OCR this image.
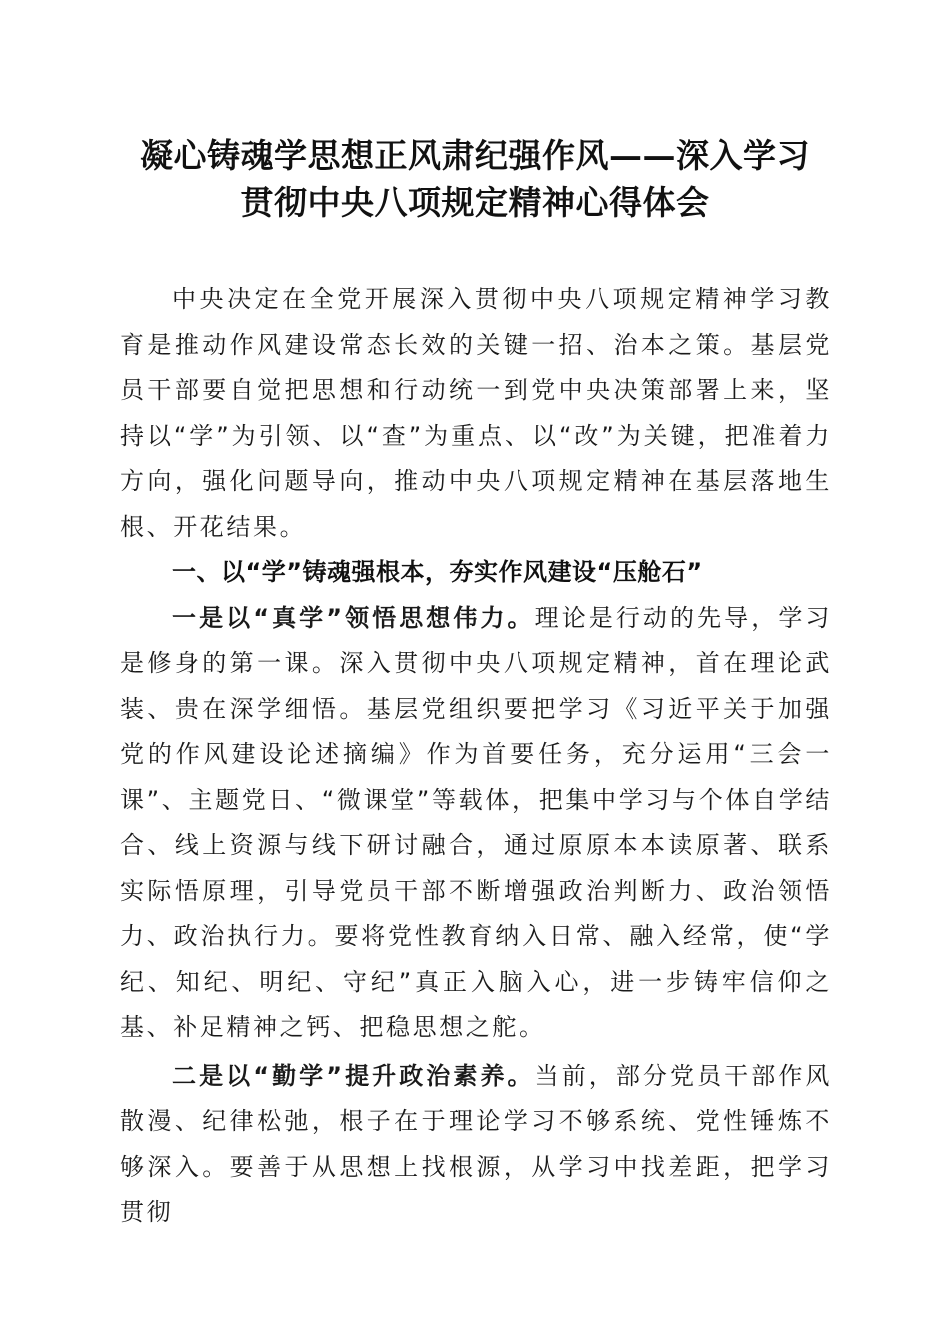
凝心铸魂学思想正风肃纪强作风——深入学习
贯彻中央八项规定精神心得体会

中央决定在全党开展深入贯彻中央八项规定精神学习教育是推动作风建设常态长效的关键一招、治本之策。基层党员干部要自觉把思想和行动统一到党中央决策部署上来，坚持以“学”为引领、以“查”为重点、以“改”为关键，把准着力方向，强化问题导向，推动中央八项规定精神在基层落地生根、开花结果。

一、以“学”铸魂强根本，夯实作风建设“压舱石”

一是以“真学”领悟思想伟力。理论是行动的先导，学习是修身的第一课。深入贯彻中央八项规定精神，首在理论武装、贵在深学细悟。基层党组织要把学习《习近平关于加强党的作风建设论述摘编》作为首要任务，充分运用“三会一课”、主题党日、“微课堂”等载体，把集中学习与个体自学结合、线上资源与线下研讨融合，通过原原本本读原著、联系实际悟原理，引导党员干部不断增强政治判断力、政治领悟力、政治执行力。要将党性教育纳入日常、融入经常，使“学纪、知纪、明纪、守纪”真正入脑入心，进一步铸牢信仰之基、补足精神之钙、把稳思想之舵。

二是以“勤学”提升政治素养。当前，部分党员干部作风散漫、纪律松弛，根子在于理论学习不够系统、党性锤炼不够深入。要善于从思想上找根源，从学习中找差距，把学习贯彻
